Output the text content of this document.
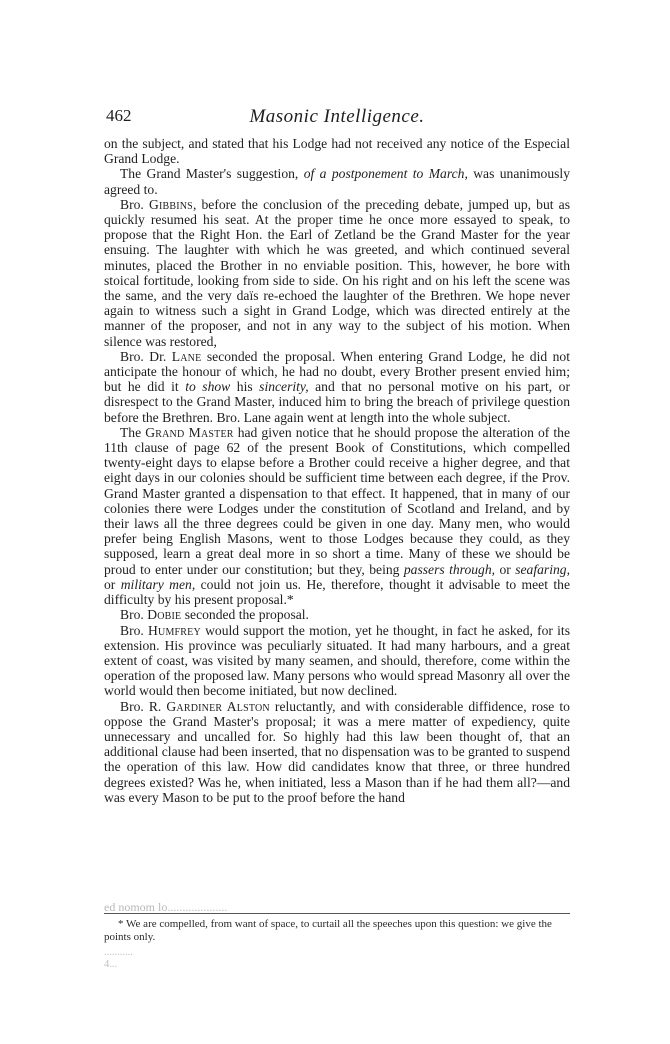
462	Masonic Intelligence.

on the subject, and stated that his Lodge had not received any notice of the Especial Grand Lodge.

The Grand Master's suggestion, of a postponement to March, was unanimously agreed to.

Bro. Gibbins, before the conclusion of the preceding debate, jumped up, but as quickly resumed his seat. At the proper time he once more essayed to speak, to propose that the Right Hon. the Earl of Zetland be the Grand Master for the year ensuing. The laughter with which he was greeted, and which continued several minutes, placed the Brother in no enviable position. This, however, he bore with stoical fortitude, looking from side to side. On his right and on his left the scene was the same, and the very daïs re-echoed the laughter of the Brethren. We hope never again to witness such a sight in Grand Lodge, which was directed entirely at the manner of the proposer, and not in any way to the subject of his motion. When silence was restored,

Bro. Dr. Lane seconded the proposal. When entering Grand Lodge, he did not anticipate the honour of which, he had no doubt, every Brother present envied him; but he did it to show his sincerity, and that no personal motive on his part, or disrespect to the Grand Master, induced him to bring the breach of privilege question before the Brethren. Bro. Lane again went at length into the whole subject.

The Grand Master had given notice that he should propose the alteration of the 11th clause of page 62 of the present Book of Constitutions, which compelled twenty-eight days to elapse before a Brother could receive a higher degree, and that eight days in our colonies should be sufficient time between each degree, if the Prov. Grand Master granted a dispensation to that effect. It happened, that in many of our colonies there were Lodges under the constitution of Scotland and Ireland, and by their laws all the three degrees could be given in one day. Many men, who would prefer being English Masons, went to those Lodges because they could, as they supposed, learn a great deal more in so short a time. Many of these we should be proud to enter under our constitution; but they, being passers through, or seafaring, or military men, could not join us. He, therefore, thought it advisable to meet the difficulty by his present proposal.*

Bro. Dobie seconded the proposal.

Bro. Humfrey would support the motion, yet he thought, in fact he asked, for its extension. His province was peculiarly situated. It had many harbours, and a great extent of coast, was visited by many seamen, and should, therefore, come within the operation of the proposed law. Many persons who would spread Masonry all over the world would then become initiated, but now declined.

Bro. R. Gardiner Alston reluctantly, and with considerable diffidence, rose to oppose the Grand Master's proposal; it was a mere matter of expediency, quite unnecessary and uncalled for. So highly had this law been thought of, that an additional clause had been inserted, that no dispensation was to be granted to suspend the operation of this law. How did candidates know that three, or three hundred degrees existed? Was he, when initiated, less a Mason than if he had them all?—and was every Mason to be put to the proof before the hand

ed nomom lo....................

* We are compelled, from want of space, to curtail all the speeches upon this question: we give the points only.

...........
4...
